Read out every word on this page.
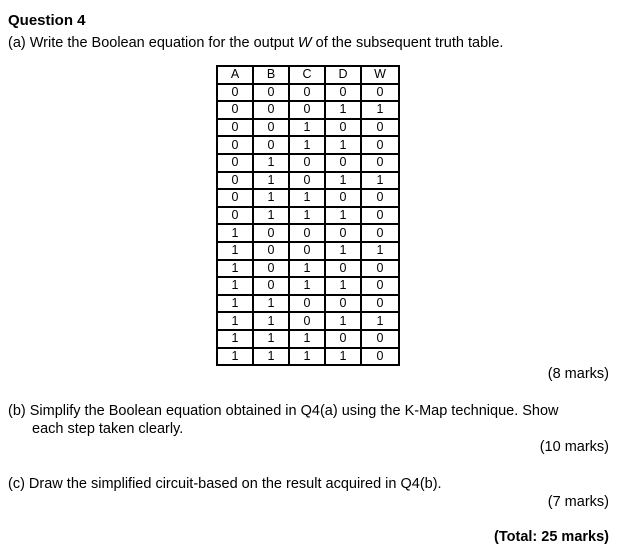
Question 4
(a) Write the Boolean equation for the output W of the subsequent truth table.
A	B	C	D	W
0	0	0	0	0
0	0	0	1	1
0	0	1	0	0
0	0	1	1	0
0	1	0	0	0
0	1	0	1	1
0	1	1	0	0
0	1	1	1	0
1	0	0	0	0
1	0	0	1	1
1	0	1	0	0
1	0	1	1	0
1	1	0	0	0
1	1	0	1	1
1	1	1	0	0
1	1	1	1	0
(8 marks)
(b) Simplify the Boolean equation obtained in Q4(a) using the K-Map technique. Show
each step taken clearly.
(10 marks)
(c) Draw the simplified circuit-based on the result acquired in Q4(b).
(7 marks)
(Total: 25 marks)
